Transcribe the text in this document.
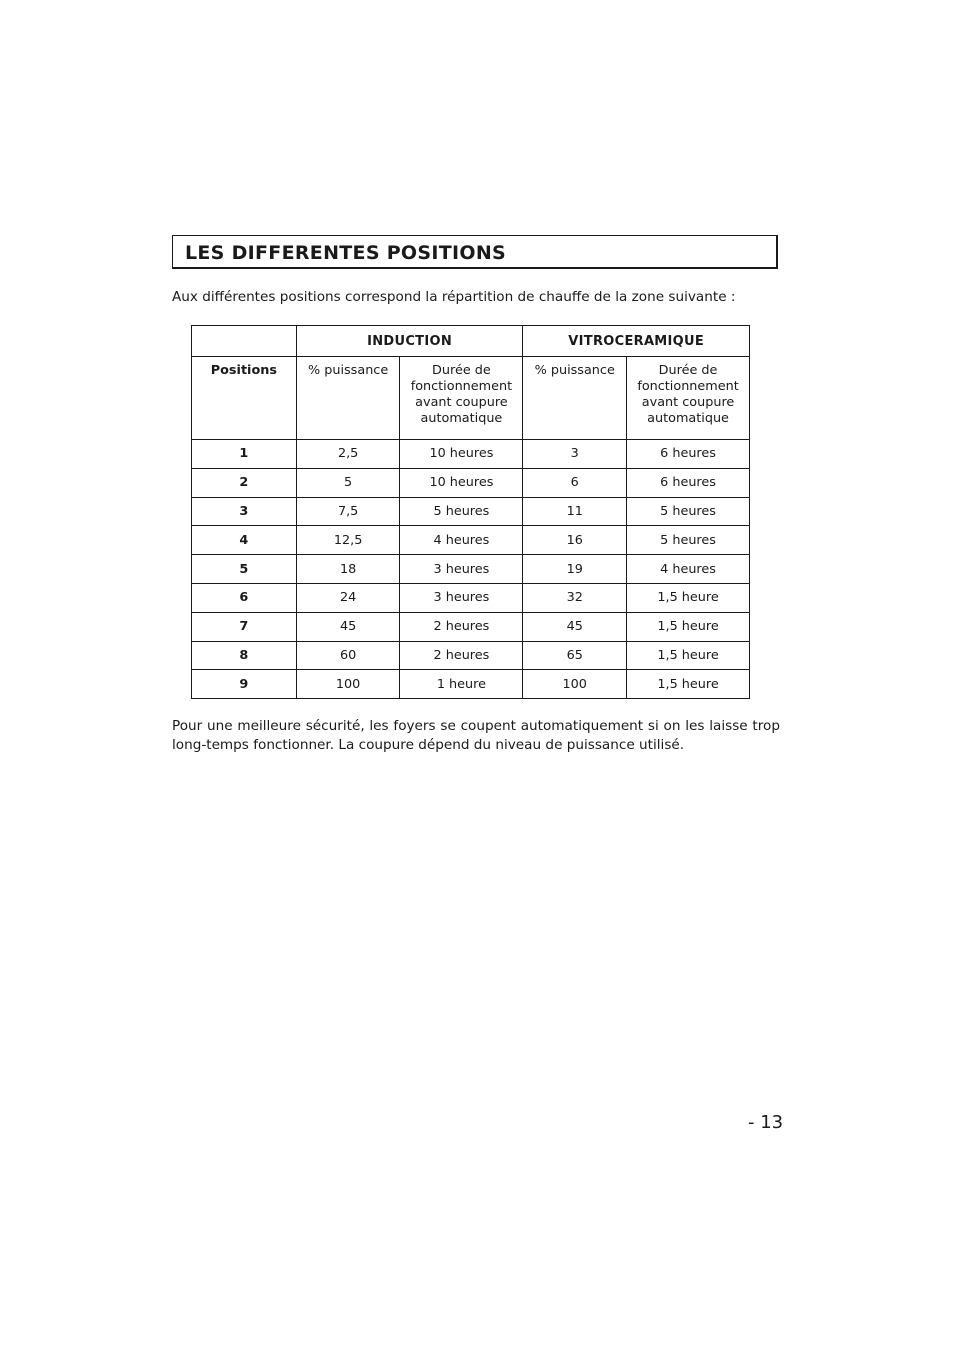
LES DIFFERENTES POSITIONS

Aux différentes positions correspond la répartition de chauffe de la zone suivante :

	INDUCTION		VITROCERAMIQUE	
Positions	% puissance	Durée de fonctionnement avant coupure automatique	% puissance	Durée de fonctionnement avant coupure automatique
1	2,5	10 heures	3	6 heures
2	5	10 heures	6	6 heures
3	7,5	5 heures	11	5 heures
4	12,5	4 heures	16	5 heures
5	18	3 heures	19	4 heures
6	24	3 heures	32	1,5 heure
7	45	2 heures	45	1,5 heure
8	60	2 heures	65	1,5 heure
9	100	1 heure	100	1,5 heure

Pour une meilleure sécurité, les foyers se coupent automatiquement si on les laisse trop long-temps fonctionner. La coupure dépend du niveau de puissance utilisé.

- 13
